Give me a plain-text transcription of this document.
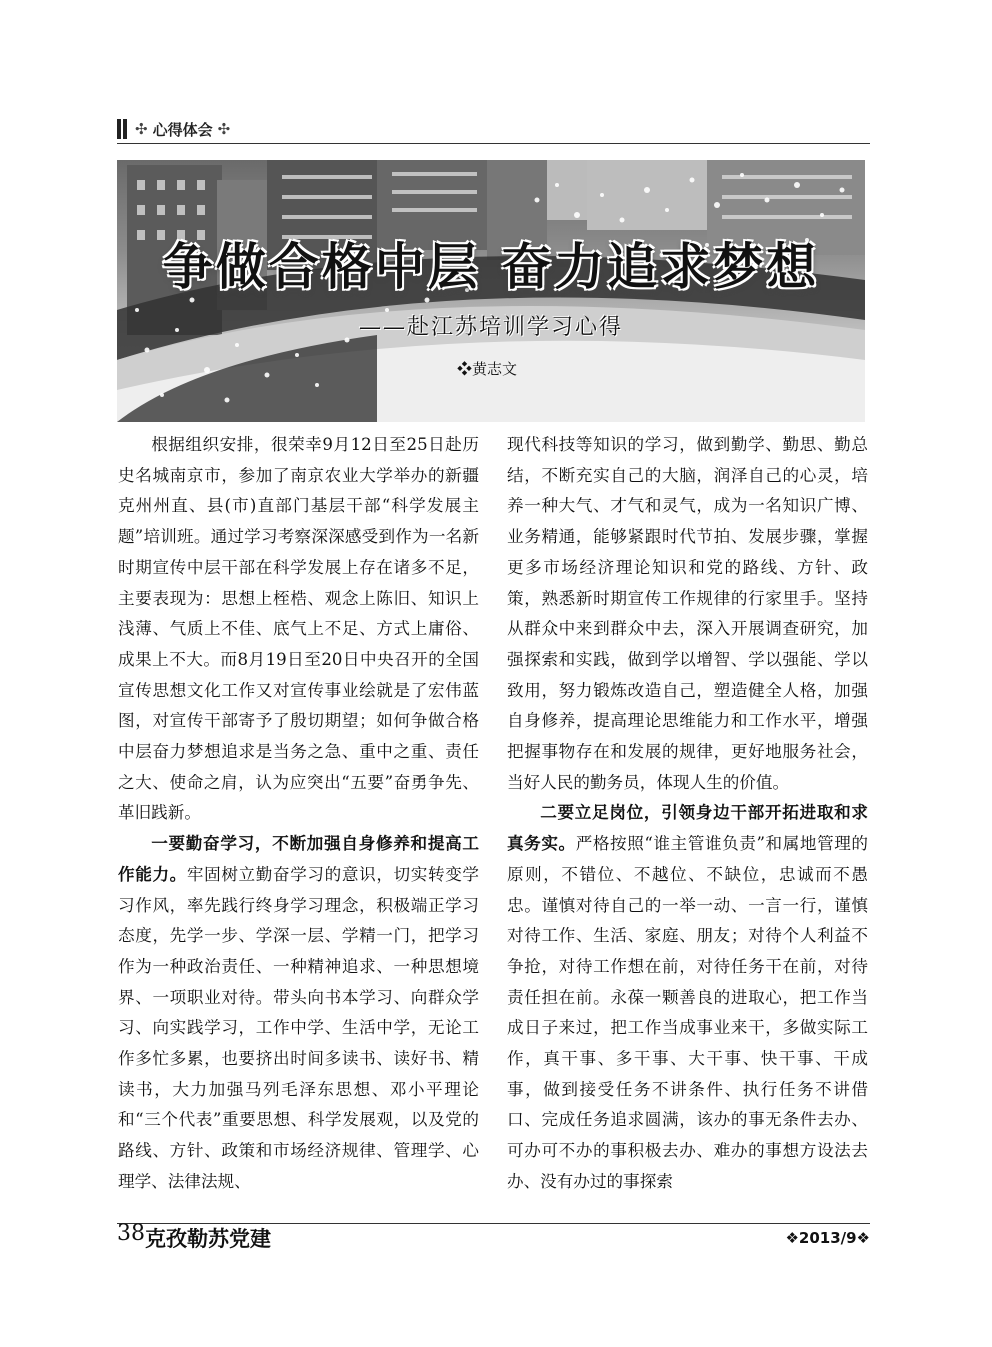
✣ 心得体会 ✣
争做合格中层 奋力追求梦想
——赴江苏培训学习心得
❖黄志文

根据组织安排，很荣幸9月12日至25日赴历史名城南京市，参加了南京农业大学举办的新疆克州州直、县(市)直部门基层干部“科学发展主题”培训班。通过学习考察深深感受到作为一名新时期宣传中层干部在科学发展上存在诸多不足，主要表现为：思想上桎梏、观念上陈旧、知识上浅薄、气质上不佳、底气上不足、方式上庸俗、成果上不大。而8月19日至20日中央召开的全国宣传思想文化工作又对宣传事业绘就是了宏伟蓝图，对宣传干部寄予了殷切期望；如何争做合格中层奋力梦想追求是当务之急、重中之重、责任之大、使命之肩，认为应突出“五要”奋勇争先、革旧践新。

一要勤奋学习，不断加强自身修养和提高工作能力。牢固树立勤奋学习的意识，切实转变学习作风，率先践行终身学习理念，积极端正学习态度，先学一步、学深一层、学精一门，把学习作为一种政治责任、一种精神追求、一种思想境界、一项职业对待。带头向书本学习、向群众学习、向实践学习，工作中学、生活中学，无论工作多忙多累，也要挤出时间多读书、读好书、精读书，大力加强马列毛泽东思想、邓小平理论和“三个代表”重要思想、科学发展观，以及党的路线、方针、政策和市场经济规律、管理学、心理学、法律法规、

现代科技等知识的学习，做到勤学、勤思、勤总结，不断充实自己的大脑，润泽自己的心灵，培养一种大气、才气和灵气，成为一名知识广博、业务精通，能够紧跟时代节拍、发展步骤，掌握更多市场经济理论知识和党的路线、方针、政策，熟悉新时期宣传工作规律的行家里手。坚持从群众中来到群众中去，深入开展调查研究，加强探索和实践，做到学以增智、学以强能、学以致用，努力锻炼改造自己，塑造健全人格，加强自身修养，提高理论思维能力和工作水平，增强把握事物存在和发展的规律，更好地服务社会，当好人民的勤务员，体现人生的价值。

二要立足岗位，引领身边干部开拓进取和求真务实。严格按照“谁主管谁负责”和属地管理的原则，不错位、不越位、不缺位，忠诚而不愚忠。谨慎对待自己的一举一动、一言一行，谨慎对待工作、生活、家庭、朋友；对待个人利益不争抢，对待工作想在前，对待任务干在前，对待责任担在前。永葆一颗善良的进取心，把工作当成日子来过，把工作当成事业来干，多做实际工作，真干事、多干事、大干事、快干事、干成事，做到接受任务不讲条件、执行任务不讲借口、完成任务追求圆满，该办的事无条件去办、可办可不办的事积极去办、难办的事想方设法去办、没有办过的事探索

38 克孜勒苏党建	❖2013/9❖
